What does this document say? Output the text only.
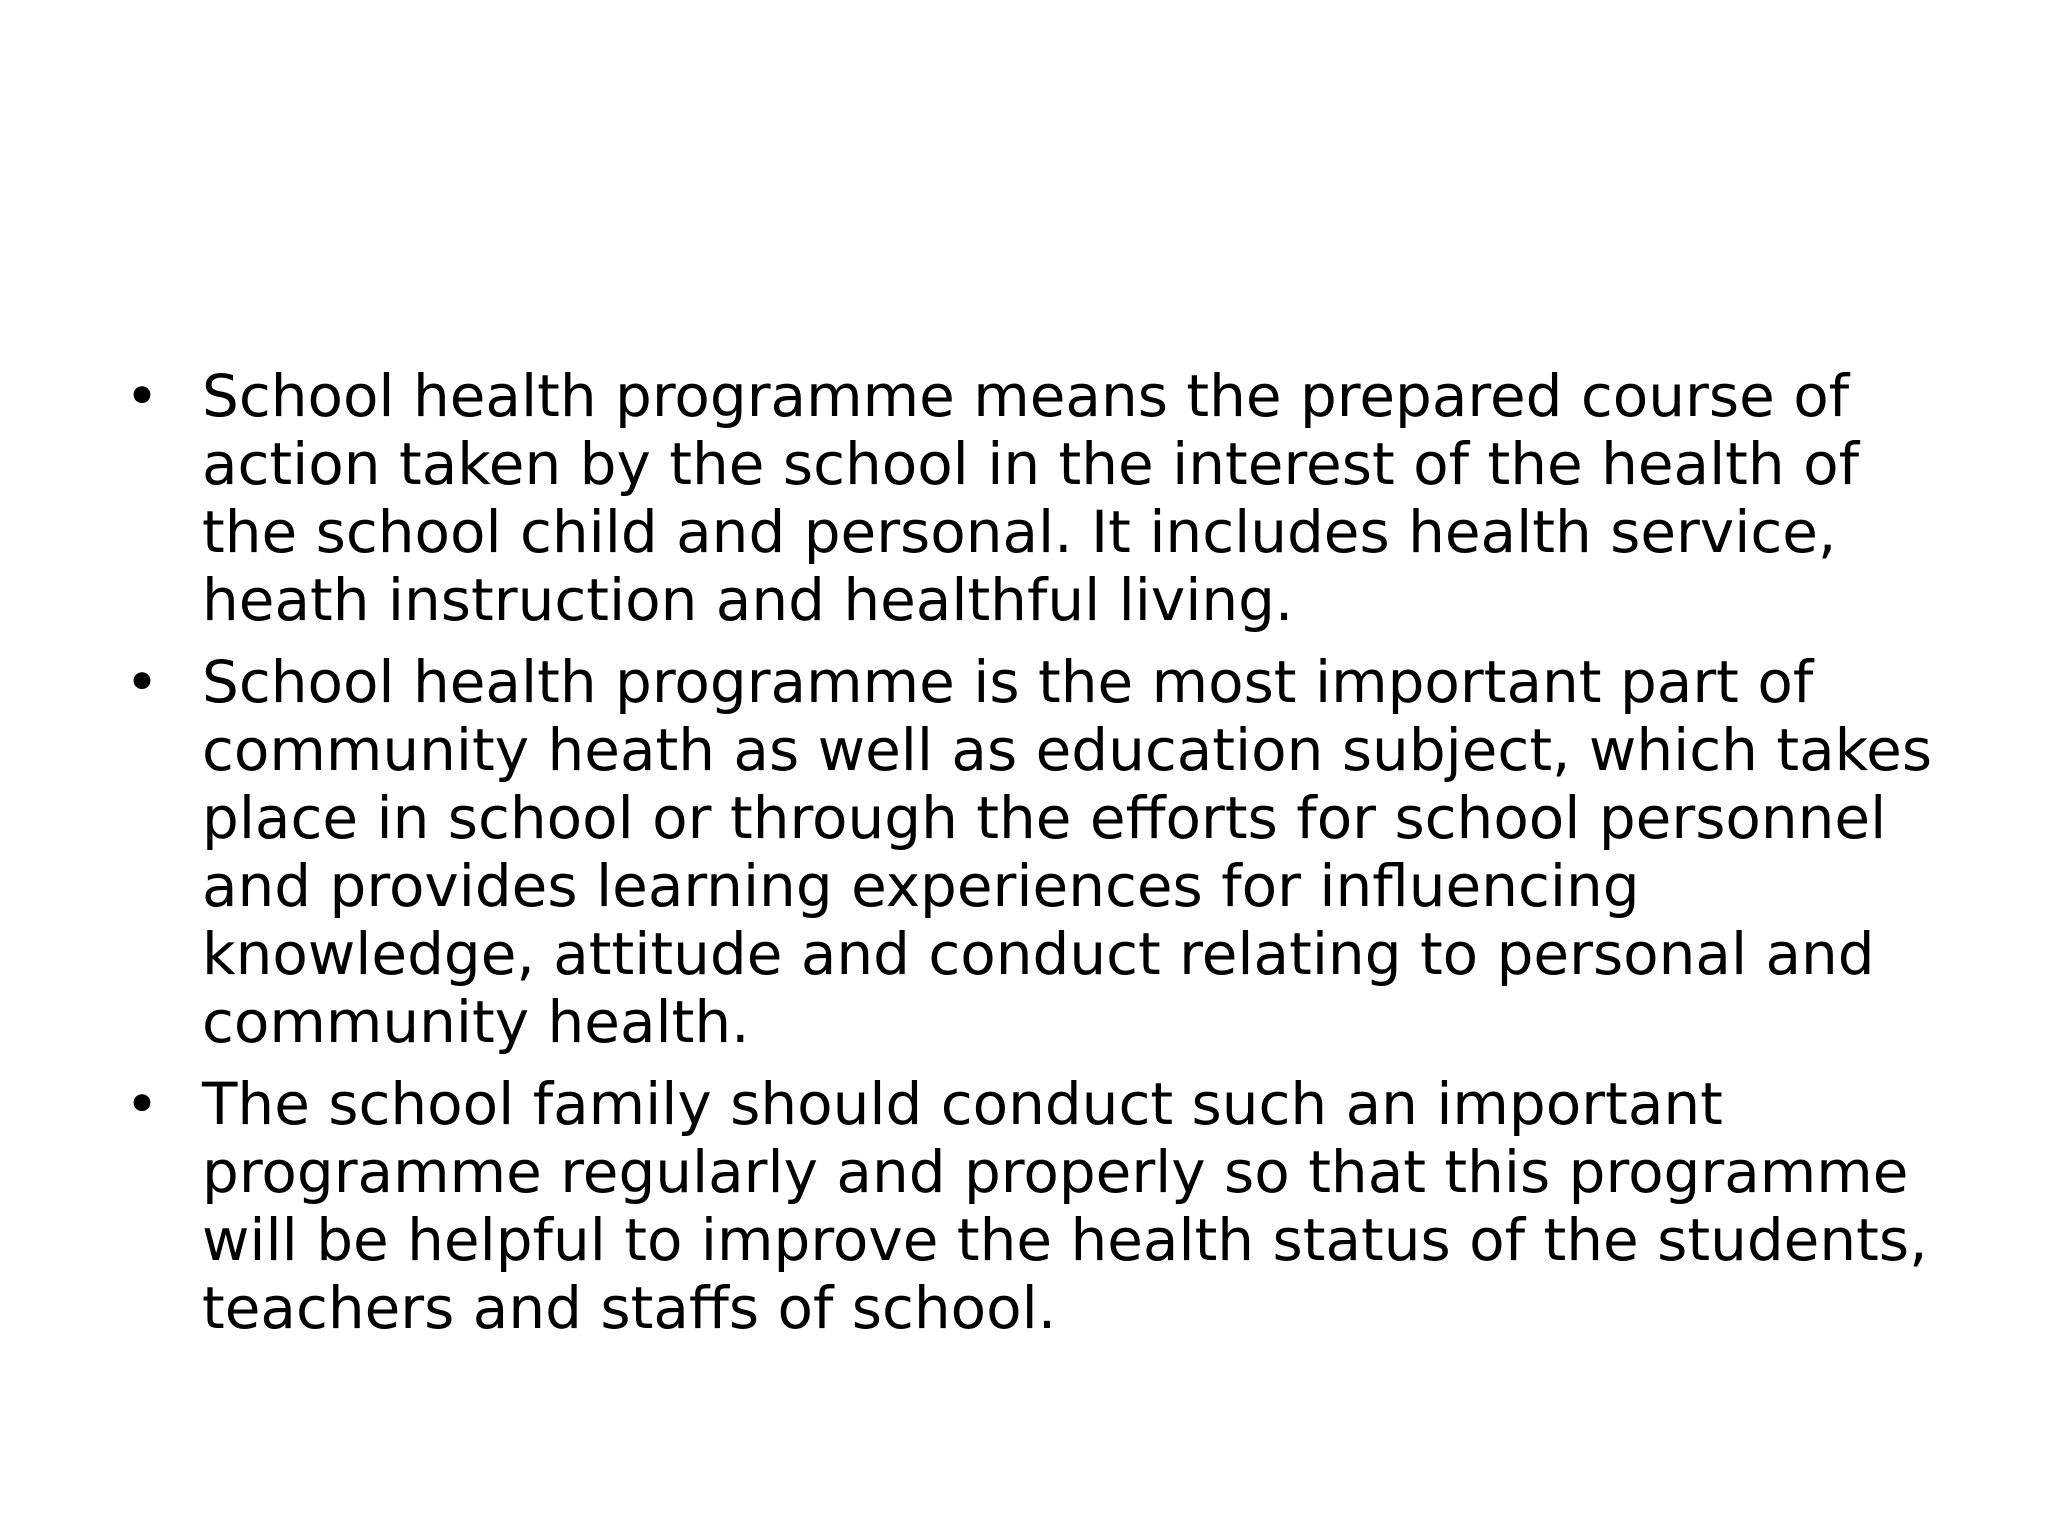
• School health programme means the prepared course of action taken by the school in the interest of the health of the school child and personal. It includes health service, heath instruction and healthful living.
• School health programme is the most important part of community heath as well as education subject, which takes place in school or through the efforts for school personnel and provides learning experiences for influencing knowledge, attitude and conduct relating to personal and community health.
• The school family should conduct such an important programme regularly and properly so that this programme will be helpful to improve the health status of the students, teachers and staffs of school.
